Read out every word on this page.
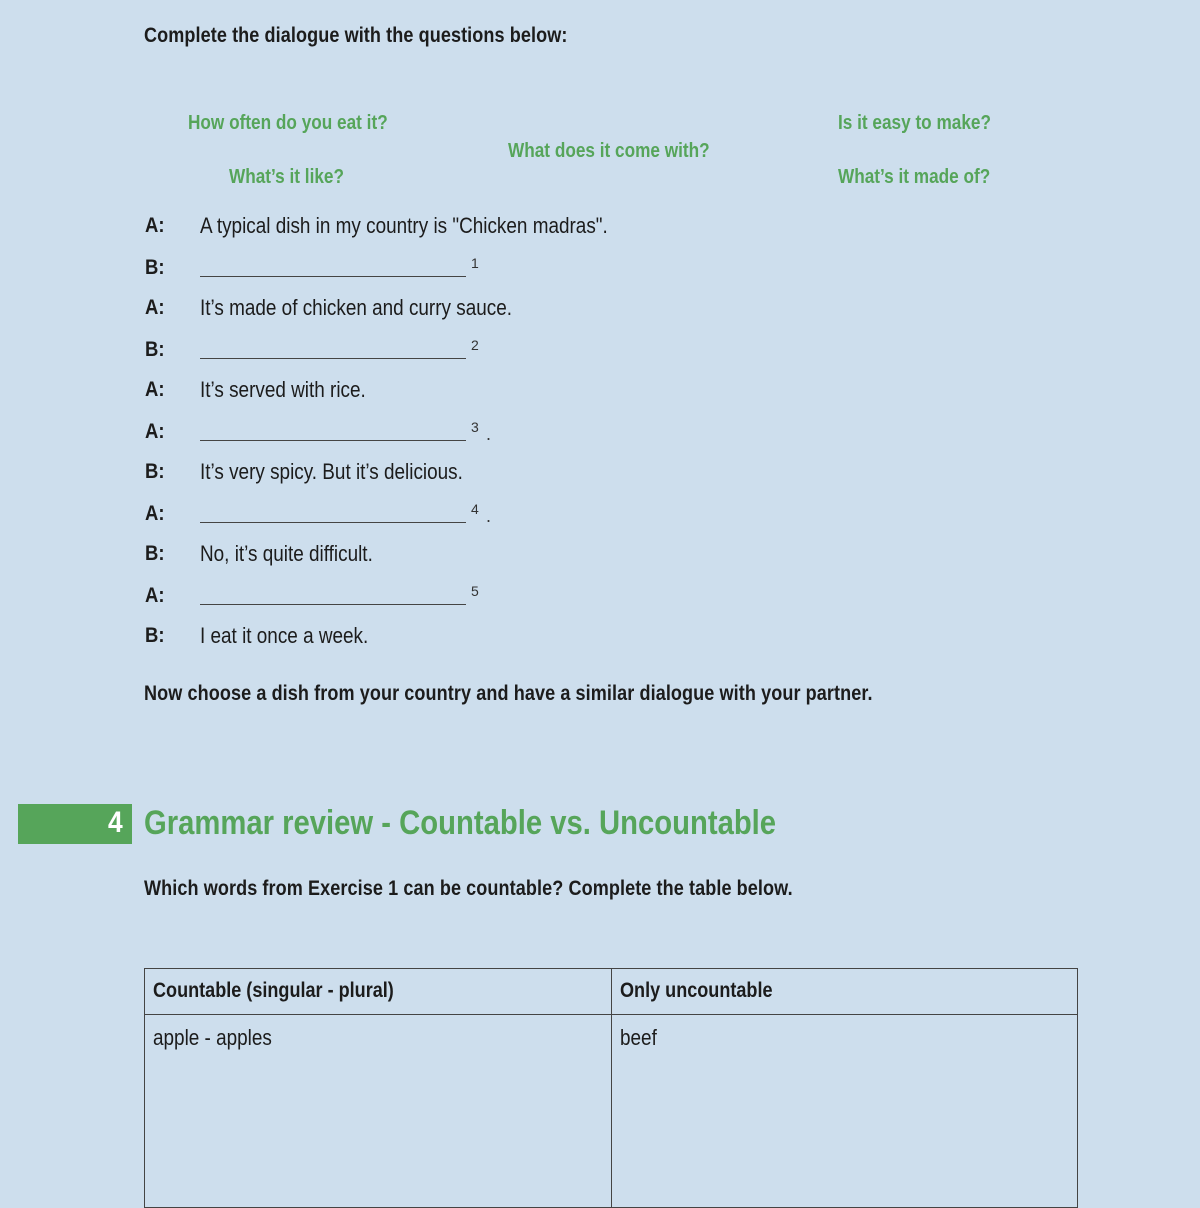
Complete the dialogue with the questions below:
How often do you eat it?
What does it come with?
Is it easy to make?
What’s it like?	What’s it made of?
A: A typical dish in my country is "Chicken madras".
B:	1
A: It’s made of chicken and curry sauce.
B:	2
A: It’s served with rice.
A:	3 .
B: It’s very spicy. But it’s delicious.
A:	4 .
B: No, it’s quite difficult.
A:	5
B: I eat it once a week.
Now choose a dish from your country and have a similar dialogue with your partner.
4 Grammar review - Countable vs. Uncountable
Which words from Exercise 1 can be countable? Complete the table below.
Countable (singular - plural)	Only uncountable
apple - apples	beef
